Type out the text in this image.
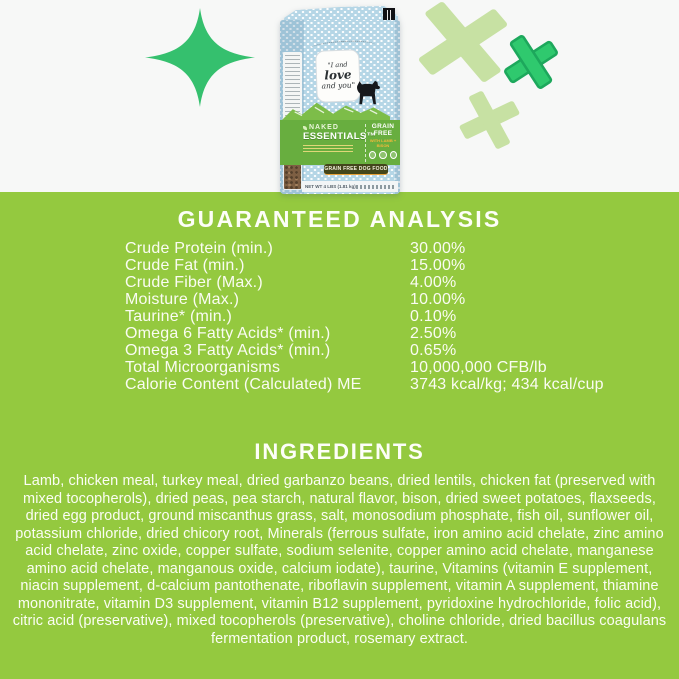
"I and
love
and you"
NAKED
ESSENTIALS™
GRAIN FREE
WITH LAMB + BISON
GRAIN FREE DOG FOOD
NET WT 4 LBS (1.81 kg)
GUARANTEED ANALYSIS
Crude Protein (min.)	30.00%
Crude Fat (min.)	15.00%
Crude Fiber (Max.)	4.00%
Moisture (Max.)	10.00%
Taurine* (min.)	0.10%
Omega 6 Fatty Acids* (min.)	2.50%
Omega 3 Fatty Acids* (min.)	0.65%
Total Microorganisms	10,000,000 CFB/lb
Calorie Content (Calculated) ME	3743 kcal/kg; 434 kcal/cup
INGREDIENTS
Lamb, chicken meal, turkey meal, dried garbanzo beans, dried lentils, chicken fat (preserved with mixed tocopherols), dried peas, pea starch, natural flavor, bison, dried sweet potatoes, flaxseeds, dried egg product, ground miscanthus grass, salt, monosodium phosphate, fish oil, sunflower oil, potassium chloride, dried chicory root, Minerals (ferrous sulfate, iron amino acid chelate, zinc amino acid chelate, zinc oxide, copper sulfate, sodium selenite, copper amino acid chelate, manganese amino acid chelate, manganous oxide, calcium iodate), taurine, Vitamins (vitamin E supplement, niacin supplement, d-calcium pantothenate, riboflavin supplement, vitamin A supplement, thiamine mononitrate, vitamin D3 supplement, vitamin B12 supplement, pyridoxine hydrochloride, folic acid), citric acid (preservative), mixed tocopherols (preservative), choline chloride, dried bacillus coagulans fermentation product, rosemary extract.
